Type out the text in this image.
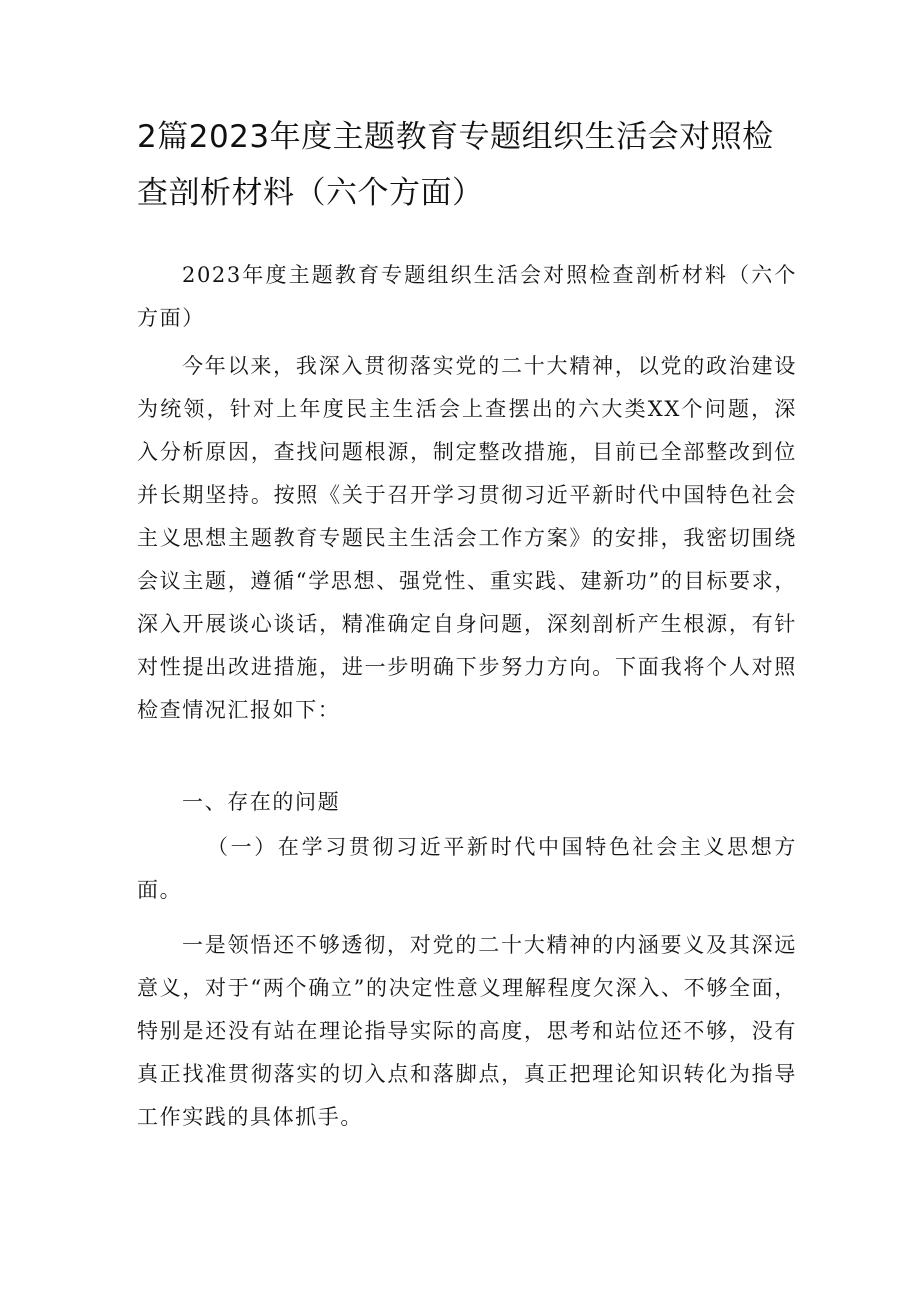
2篇2023年度主题教育专题组织生活会对照检查剖析材料（六个方面）

2023年度主题教育专题组织生活会对照检查剖析材料（六个方面）

今年以来，我深入贯彻落实党的二十大精神，以党的政治建设为统领，针对上年度民主生活会上查摆出的六大类XX个问题，深入分析原因，查找问题根源，制定整改措施，目前已全部整改到位并长期坚持。按照《关于召开学习贯彻习近平新时代中国特色社会主义思想主题教育专题民主生活会工作方案》的安排，我密切围绕会议主题，遵循“学思想、强党性、重实践、建新功”的目标要求，深入开展谈心谈话，精准确定自身问题，深刻剖析产生根源，有针对性提出改进措施，进一步明确下步努力方向。下面我将个人对照检查情况汇报如下：

一、存在的问题

（一）在学习贯彻习近平新时代中国特色社会主义思想方面。

一是领悟还不够透彻，对党的二十大精神的内涵要义及其深远意义，对于“两个确立”的决定性意义理解程度欠深入、不够全面，特别是还没有站在理论指导实际的高度，思考和站位还不够，没有真正找准贯彻落实的切入点和落脚点，真正把理论知识转化为指导工作实践的具体抓手。
